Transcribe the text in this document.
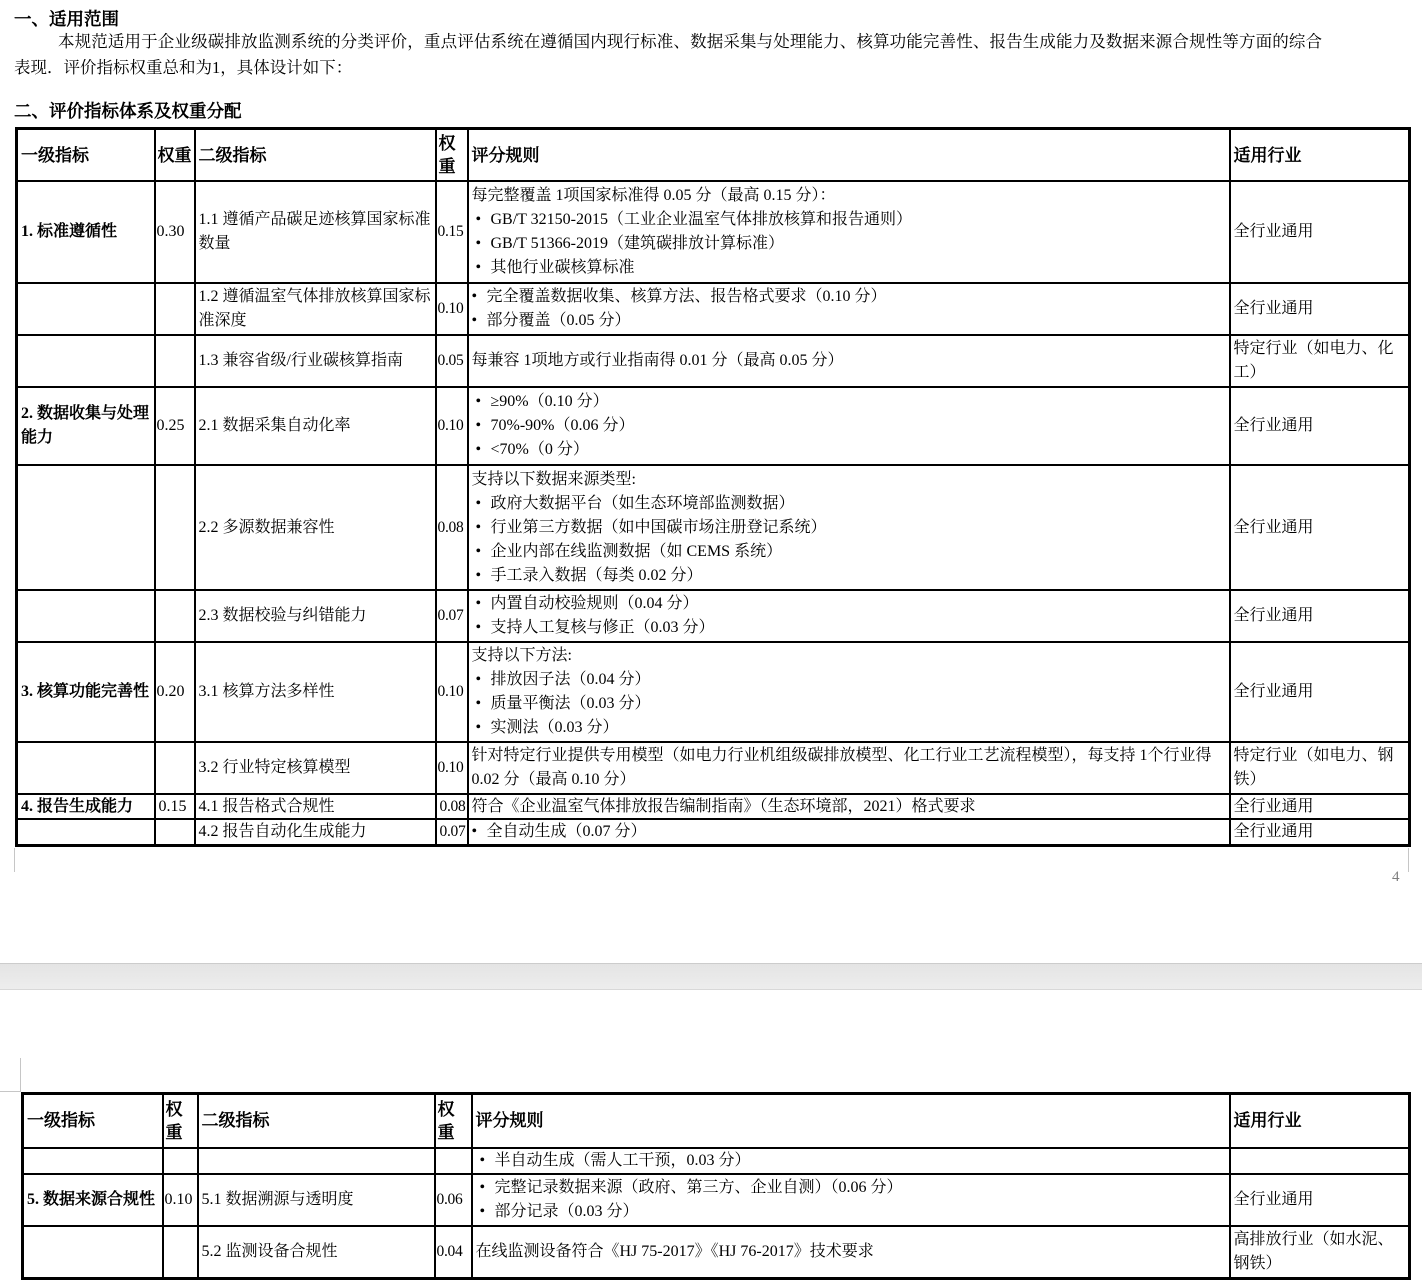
一、适用范围
本规范适用于企业级碳排放监测系统的分类评价，重点评估系统在遵循国内现行标准、数据采集与处理能力、核算功能完善性、报告生成能力及数据来源合规性等方面的综合表现．评价指标权重总和为1，具体设计如下：
二、评价指标体系及权重分配
一级指标	权重	二级指标	权重	评分规则	适用行业
1. 标准遵循性	0.30	1.1 遵循产品碳足迹核算国家标准数量	0.15	每完整覆盖 1项国家标准得 0.05 分（最高 0.15 分）：
• GB/T 32150-2015（工业企业温室气体排放核算和报告通则）
• GB/T 51366-2019（建筑碳排放计算标准）
• 其他行业碳核算标准	全行业通用
		1.2 遵循温室气体排放核算国家标准深度	0.10	• 完全覆盖数据收集、核算方法、报告格式要求（0.10 分）
• 部分覆盖（0.05 分）	全行业通用
		1.3 兼容省级/行业碳核算指南	0.05	每兼容 1项地方或行业指南得 0.01 分（最高 0.05 分）	特定行业（如电力、化工）
2. 数据收集与处理能力	0.25	2.1 数据采集自动化率	0.10	• ≥90%（0.10 分）
• 70%-90%（0.06 分）
• <70%（0 分）	全行业通用
		2.2 多源数据兼容性	0.08	支持以下数据来源类型:
• 政府大数据平台（如生态环境部监测数据）
• 行业第三方数据（如中国碳市场注册登记系统）
• 企业内部在线监测数据（如 CEMS 系统）
• 手工录入数据（每类 0.02 分）	全行业通用
		2.3 数据校验与纠错能力	0.07	• 内置自动校验规则（0.04 分）
• 支持人工复核与修正（0.03 分）	全行业通用
3. 核算功能完善性	0.20	3.1 核算方法多样性	0.10	支持以下方法:
• 排放因子法（0.04 分）
• 质量平衡法（0.03 分）
• 实测法（0.03 分）	全行业通用
		3.2 行业特定核算模型	0.10	针对特定行业提供专用模型（如电力行业机组级碳排放模型、化工行业工艺流程模型），每支持 1个行业得 0.02 分（最高 0.10 分）	特定行业（如电力、钢铁）
4. 报告生成能力	0.15	4.1 报告格式合规性	0.08	符合《企业温室气体排放报告编制指南》（生态环境部，2021）格式要求	全行业通用
		4.2 报告自动化生成能力	0.07	• 全自动生成（0.07 分）	全行业通用
4
一级指标	权重	二级指标	权重	评分规则	适用行业

				• 半自动生成（需人工干预，0.03 分）	

5. 数据来源合规性	0.10	5.1 数据溯源与透明度	0.06	• 完整记录数据来源（政府、第三方、企业自测）（0.06 分）
• 部分记录（0.03 分）	全行业通用
		5.2 监测设备合规性	0.04	在线监测设备符合《HJ 75-2017》《HJ 76-2017》技术要求	高排放行业（如水泥、钢铁）
